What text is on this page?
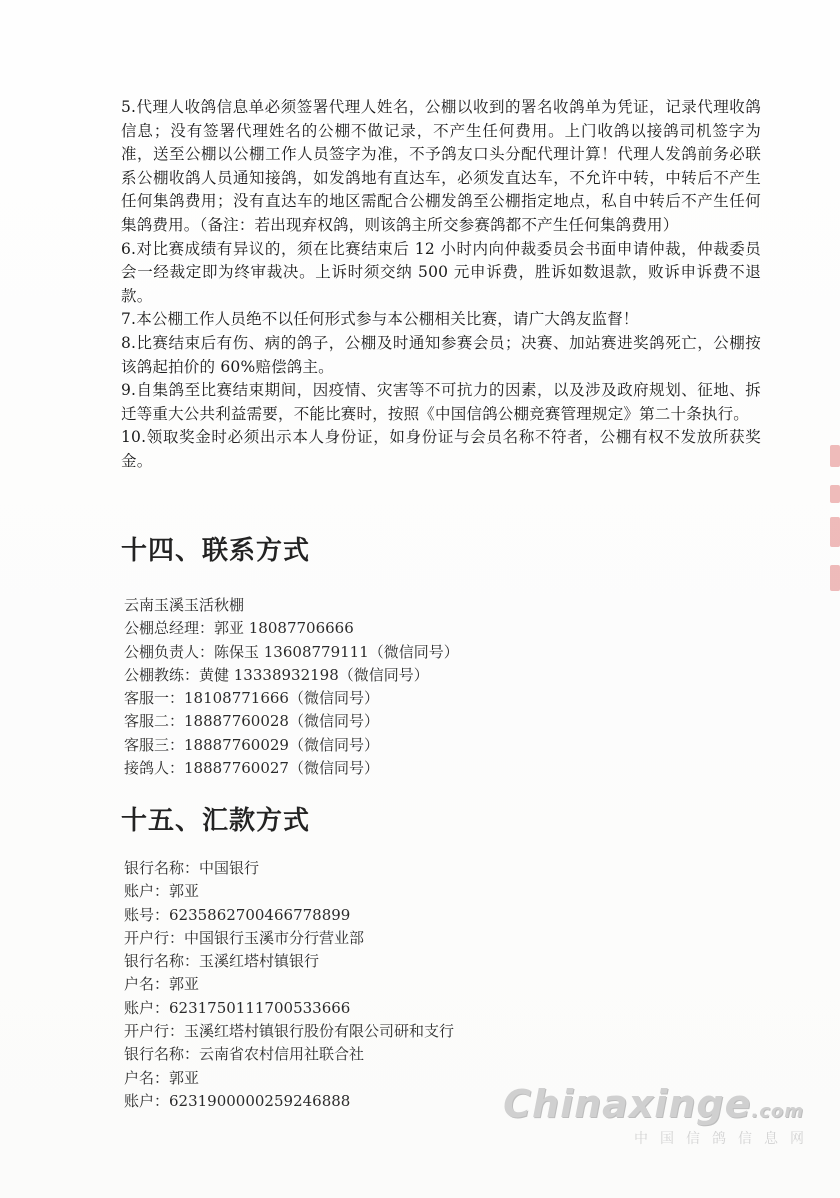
5.代理人收鸽信息单必须签署代理人姓名，公棚以收到的署名收鸽单为凭证，记录代理收鸽信息；没有签署代理姓名的公棚不做记录，不产生任何费用。上门收鸽以接鸽司机签字为准，送至公棚以公棚工作人员签字为准，不予鸽友口头分配代理计算！代理人发鸽前务必联系公棚收鸽人员通知接鸽，如发鸽地有直达车，必须发直达车，不允许中转，中转后不产生任何集鸽费用；没有直达车的地区需配合公棚发鸽至公棚指定地点，私自中转后不产生任何集鸽费用。（备注：若出现弃权鸽，则该鸽主所交参赛鸽都不产生任何集鸽费用）

6.对比赛成绩有异议的，须在比赛结束后 12 小时内向仲裁委员会书面申请仲裁，仲裁委员会一经裁定即为终审裁决。上诉时须交纳 500 元申诉费，胜诉如数退款，败诉申诉费不退款。

7.本公棚工作人员绝不以任何形式参与本公棚相关比赛，请广大鸽友监督！

8.比赛结束后有伤、病的鸽子，公棚及时通知参赛会员；决赛、加站赛进奖鸽死亡，公棚按该鸽起拍价的 60%赔偿鸽主。

9.自集鸽至比赛结束期间，因疫情、灾害等不可抗力的因素，以及涉及政府规划、征地、拆迁等重大公共利益需要，不能比赛时，按照《中国信鸽公棚竞赛管理规定》第二十条执行。

10.领取奖金时必须出示本人身份证，如身份证与会员名称不符者，公棚有权不发放所获奖金。

十四、联系方式
云南玉溪玉活秋棚
公棚总经理：郭亚 18087706666
公棚负责人：陈保玉 13608779111（微信同号）
公棚教练：黄健 13338932198（微信同号）
客服一：18108771666（微信同号）
客服二：18887760028（微信同号）
客服三：18887760029（微信同号）
接鸽人：18887760027（微信同号）
十五、汇款方式
银行名称：中国银行
账户：郭亚
账号：6235862700466778899
开户行：中国银行玉溪市分行营业部
银行名称：玉溪红塔村镇银行
户名：郭亚
账户：6231750111700533666
开户行：玉溪红塔村镇银行股份有限公司研和支行
银行名称：云南省农村信用社联合社
户名：郭亚
账户：6231900000259246888	Chinaxinge.com
中国信鸽信息网
